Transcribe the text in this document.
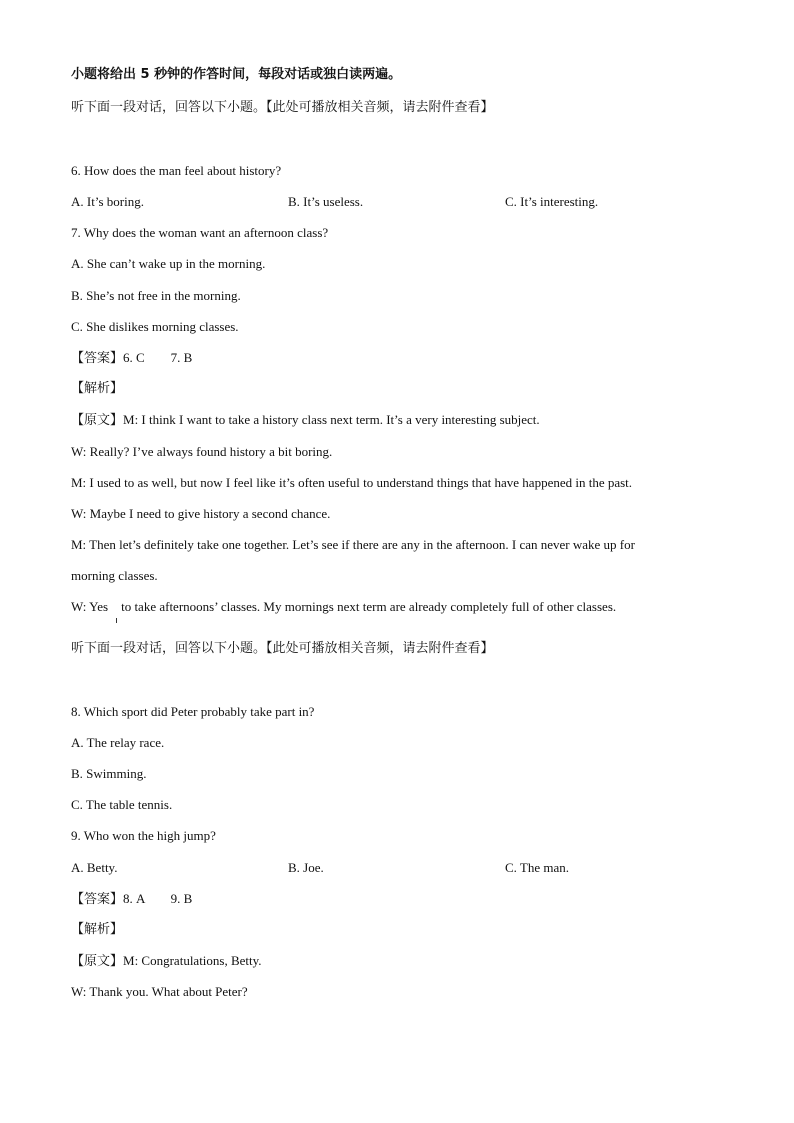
小题将给出 5 秒钟的作答时间，每段对话或独白读两遍。
听下面一段对话，回答以下小题。【此处可播放相关音频，请去附件查看】
6. How does the man feel about history?
A. It’s boring.	B. It’s useless.	C. It’s interesting.
7. Why does the woman want an afternoon class?
A. She can’t wake up in the morning.
B. She’s not free in the morning.
C. She dislikes morning classes.
【答案】6. C        7. B
【解析】
【原文】M: I think I want to take a history class next term. It’s a very interesting subject.
W: Really? I’ve always found history a bit boring.
M: I used to as well, but now I feel like it’s often useful to understand things that have happened in the past.
W: Maybe I need to give history a second chance.
M: Then let’s definitely take one together. Let’s see if there are any in the afternoon. I can never wake up for
morning classes.
W: Yes    to take afternoons’ classes. My mornings next term are already completely full of other classes.
听下面一段对话，回答以下小题。【此处可播放相关音频，请去附件查看】
8. Which sport did Peter probably take part in?
A. The relay race.
B. Swimming.
C. The table tennis.
9. Who won the high jump?
A. Betty.	B. Joe.	C. The man.
【答案】8. A        9. B
【解析】
【原文】M: Congratulations, Betty.
W: Thank you. What about Peter?
